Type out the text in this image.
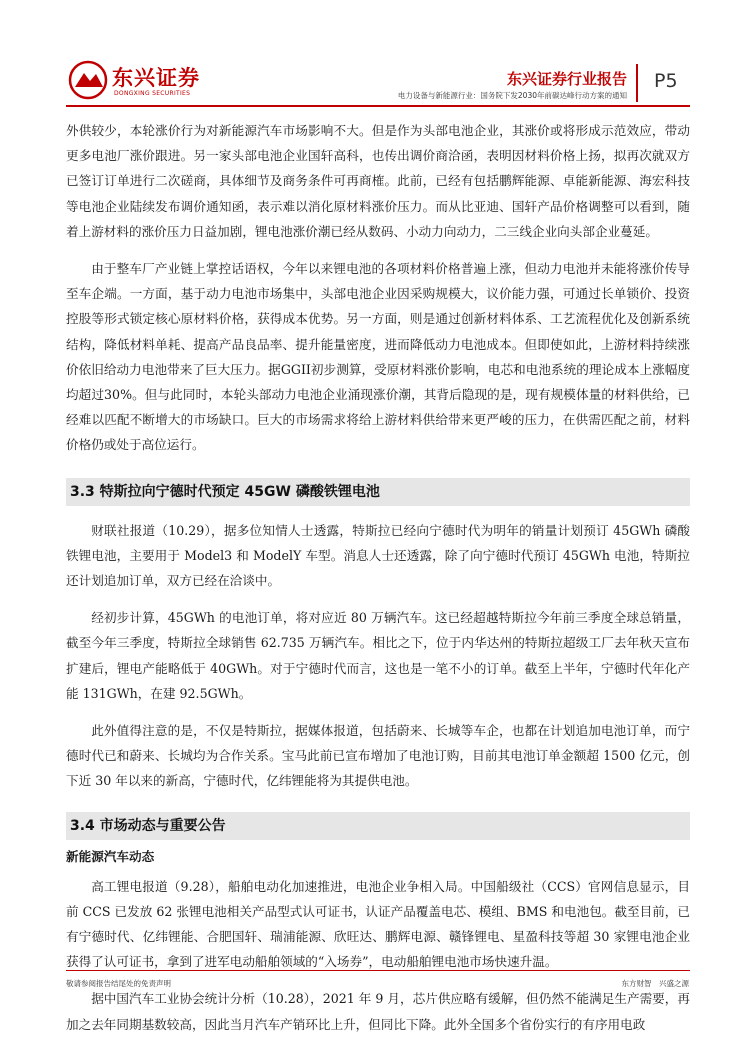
东兴证券
DONGXING SECURITIES
东兴证券行业报告
电力设备与新能源行业：国务院下发2030年前碳达峰行动方案的通知
P5

外供较少，本轮涨价行为对新能源汽车市场影响不大。但是作为头部电池企业，其涨价或将形成示范效应，带动更多电池厂涨价跟进。另一家头部电池企业国轩高科，也传出调价商洽函，表明因材料价格上扬，拟再次就双方已签订订单进行二次磋商，具体细节及商务条件可再商榷。此前，已经有包括鹏辉能源、卓能新能源、海宏科技等电池企业陆续发布调价通知函，表示难以消化原材料涨价压力。而从比亚迪、国轩产品价格调整可以看到，随着上游材料的涨价压力日益加剧，锂电池涨价潮已经从数码、小动力向动力，二三线企业向头部企业蔓延。

由于整车厂产业链上掌控话语权，今年以来锂电池的各项材料价格普遍上涨，但动力电池并未能将涨价传导至车企端。一方面，基于动力电池市场集中，头部电池企业因采购规模大，议价能力强，可通过长单锁价、投资控股等形式锁定核心原材料价格，获得成本优势。另一方面，则是通过创新材料体系、工艺流程优化及创新系统结构，降低材料单耗、提高产品良品率、提升能量密度，进而降低动力电池成本。但即使如此，上游材料持续涨价依旧给动力电池带来了巨大压力。据GGII初步测算，受原材料涨价影响，电芯和电池系统的理论成本上涨幅度均超过30%。但与此同时，本轮头部动力电池企业涌现涨价潮，其背后隐现的是，现有规模体量的材料供给，已经难以匹配不断增大的市场缺口。巨大的市场需求将给上游材料供给带来更严峻的压力，在供需匹配之前，材料价格仍或处于高位运行。

3.3 特斯拉向宁德时代预定 45GW 磷酸铁锂电池

财联社报道（10.29），据多位知情人士透露，特斯拉已经向宁德时代为明年的销量计划预订 45GWh 磷酸铁锂电池，主要用于 Model3 和 ModelY 车型。消息人士还透露，除了向宁德时代预订 45GWh 电池，特斯拉还计划追加订单，双方已经在洽谈中。

经初步计算，45GWh 的电池订单，将对应近 80 万辆汽车。这已经超越特斯拉今年前三季度全球总销量，截至今年三季度，特斯拉全球销售 62.735 万辆汽车。相比之下，位于内华达州的特斯拉超级工厂去年秋天宣布扩建后，锂电产能略低于 40GWh。对于宁德时代而言，这也是一笔不小的订单。截至上半年，宁德时代年化产能 131GWh，在建 92.5GWh。

此外值得注意的是，不仅是特斯拉，据媒体报道，包括蔚来、长城等车企，也都在计划追加电池订单，而宁德时代已和蔚来、长城均为合作关系。宝马此前已宣布增加了电池订购，目前其电池订单金额超 1500 亿元，创下近 30 年以来的新高，宁德时代，亿纬锂能将为其提供电池。

3.4 市场动态与重要公告
新能源汽车动态

高工锂电报道（9.28），船舶电动化加速推进，电池企业争相入局。中国船级社（CCS）官网信息显示，目前 CCS 已发放 62 张锂电池相关产品型式认可证书，认证产品覆盖电芯、模组、BMS 和电池包。截至目前，已有宁德时代、亿纬锂能、合肥国轩、瑞浦能源、欣旺达、鹏辉电源、赣锋锂电、星盈科技等超 30 家锂电池企业获得了认可证书，拿到了进军电动船舶领域的“入场券”，电动船舶锂电池市场快速升温。

据中国汽车工业协会统计分析（10.28），2021 年 9 月，芯片供应略有缓解，但仍然不能满足生产需要，再加之去年同期基数较高，因此当月汽车产销环比上升，但同比下降。此外全国多个省份实行的有序用电政

敬请参阅报告结尾处的免责声明	东方财智　兴盛之源
